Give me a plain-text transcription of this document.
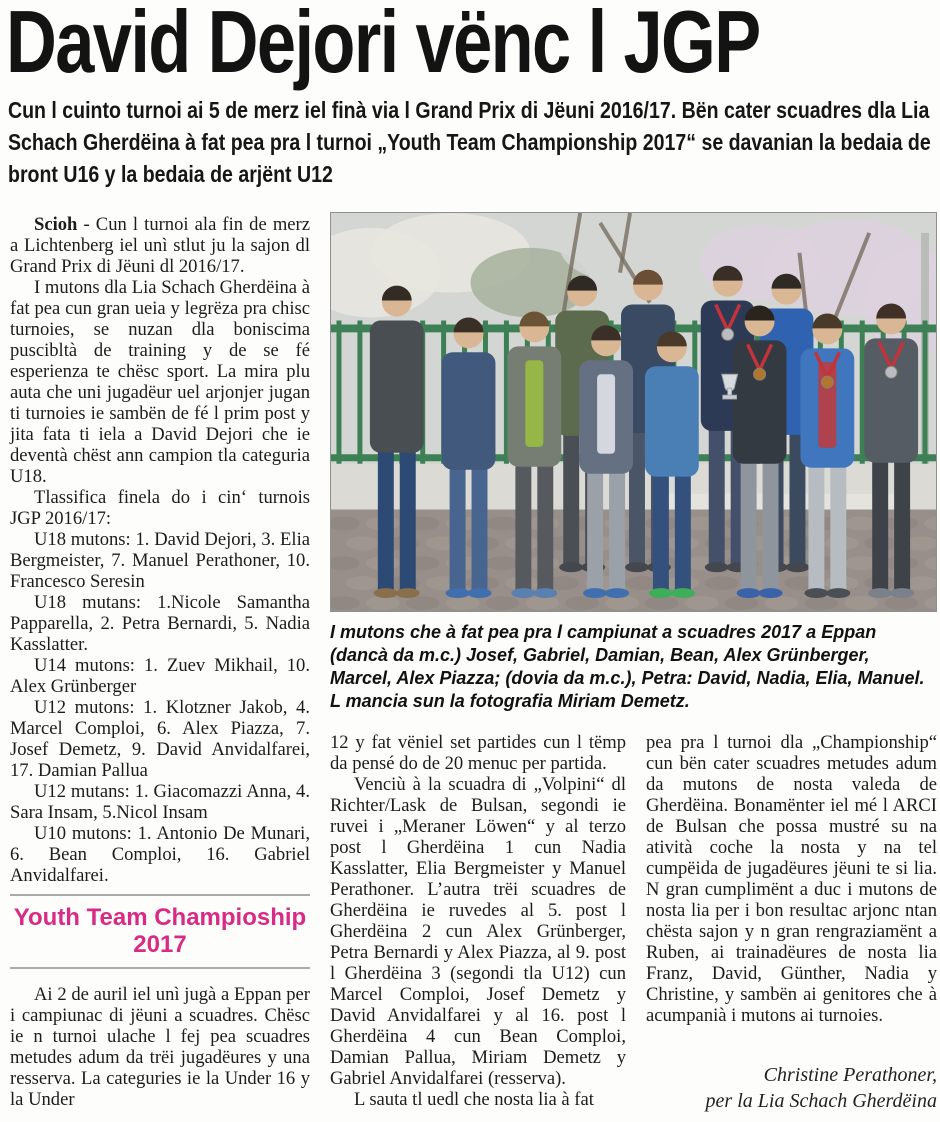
David Dejori vënc l JGP

Cun l cuinto turnoi ai 5 de merz iel finà via l Grand Prix di Jëuni 2016/17. Bën cater scuadres dla Lia Schach Gherdëina à fat pea pra l turnoi „Youth Team Championship 2017“ se davanian la bedaia de bront U16 y la bedaia de arjënt U12

Scioh - Cun l turnoi ala fin de merz a Lichtenberg iel unì stlut ju la sajon dl Grand Prix di Jëuni dl 2016/17.

I mutons dla Lia Schach Gherdëina à fat pea cun gran ueia y legrëza pra chisc turnoies, se nuzan dla boniscima puscibltà de training y de se fé esperienza te chësc sport. La mira plu auta che uni jugadëur uel arjonjer jugan ti turnoies ie sambën de fé l prim post y jita fata ti iela a David Dejori che ie deventà chëst ann campion tla categuria U18.

Tlassifica finela do i cin‘ turnois JGP 2016/17:

U18 mutons: 1. David Dejori, 3. Elia Bergmeister, 7. Manuel Perathoner, 10. Francesco Seresin

U18 mutans: 1.Nicole Samantha Papparella, 2. Petra Bernardi, 5. Nadia Kasslatter.

U14 mutons: 1. Zuev Mikhail, 10. Alex Grünberger

U12 mutons: 1. Klotzner Jakob, 4. Marcel Comploi, 6. Alex Piazza, 7. Josef Demetz, 9. David Anvidalfarei, 17. Damian Pallua

U12 mutans: 1. Giacomazzi Anna, 4. Sara Insam, 5.Nicol Insam

U10 mutons: 1. Antonio De Munari, 6. Bean Comploi, 16. Gabriel Anvidalfarei.

Youth Team Champioship 2017

Ai 2 de auril iel unì jugà a Eppan per i campiunac di jëuni a scuadres. Chësc ie n turnoi ulache l fej pea scuadres metudes adum da trëi jugadëures y una resserva. La categuries ie la Under 16 y la Under

I mutons che à fat pea pra l campiunat a scuadres 2017 a Eppan (dancà da m.c.) Josef, Gabriel, Damian, Bean, Alex Grünberger, Marcel, Alex Piazza; (dovia da m.c.), Petra: David, Nadia, Elia, Manuel. L mancia sun la fotografia Miriam Demetz.

12 y fat vëniel set partides cun l tëmp da pensé do de 20 menuc per partida.

Venciù à la scuadra di „Volpini“ dl Richter/Lask de Bulsan, segondi ie ruvei i „Meraner Löwen“ y al terzo post l Gherdëina 1 cun Nadia Kasslatter, Elia Bergmeister y Manuel Perathoner. L’autra trëi scuadres de Gherdëina ie ruvedes al 5. post l Gherdëina 2 cun Alex Grünberger, Petra Bernardi y Alex Piazza, al 9. post l Gherdëina 3 (segondi tla U12) cun Marcel Comploi, Josef Demetz y David Anvidalfarei y al 16. post l Gherdëina 4 cun Bean Comploi, Damian Pallua, Miriam Demetz y Gabriel Anvidalfarei (resserva).

L sauta tl uedl che nosta lia à fat

pea pra l turnoi dla „Championship“ cun bën cater scuadres metudes adum da mutons de nosta valeda de Gherdëina. Bonamënter iel mé l ARCI de Bulsan che possa mustré su na atività coche la nosta y na tel cumpëida de jugadëures jëuni te si lia. N gran cumplimënt a duc i mutons de nosta lia per i bon resultac arjonc ntan chësta sajon y n gran rengraziamënt a Ruben, ai trainadëures de nosta lia Franz, David, Günther, Nadia y Christine, y sambën ai genitores che à acumpanià i mutons ai turnoies.

Christine Perathoner,
per la Lia Schach Gherdëina
